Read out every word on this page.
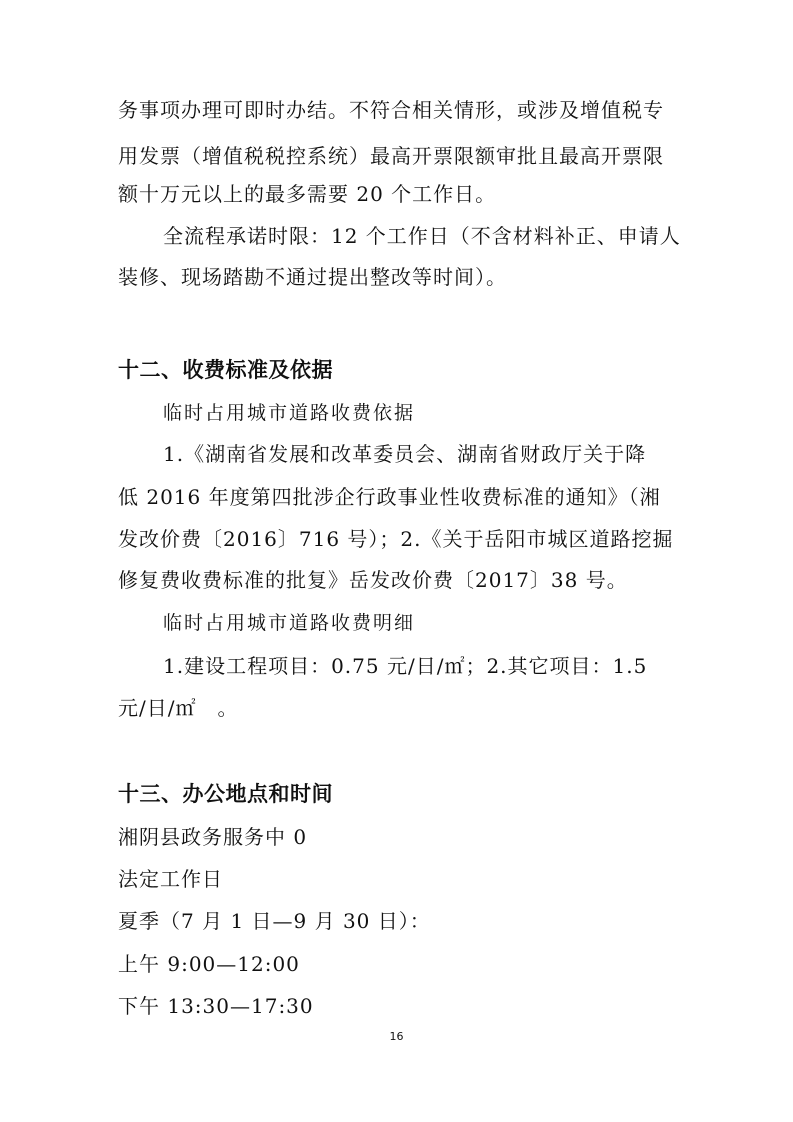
务事项办理可即时办结。不符合相关情形，或涉及增值税专
用发票（增值税税控系统）最高开票限额审批且最高开票限
额十万元以上的最多需要 20 个工作日。
全流程承诺时限：12 个工作日（不含材料补正、申请人
装修、现场踏勘不通过提出整改等时间）。
十二、收费标准及依据
临时占用城市道路收费依据
1.《湖南省发展和改革委员会、湖南省财政厅关于降
低 2016 年度第四批涉企行政事业性收费标准的通知》（湘
发改价费〔2016〕716 号）；2.《关于岳阳市城区道路挖掘
修复费收费标准的批复》岳发改价费〔2017〕38 号。
临时占用城市道路收费明细
1.建设工程项目：0.75 元/日/㎡；2.其它项目：1.5
元/日/㎡　。
十三、办公地点和时间
湘阴县政务服务中 0
法定工作日
夏季（7 月 1 日—9 月 30 日）：
上午 9:00—12:00
下午 13:30—17:30
16
